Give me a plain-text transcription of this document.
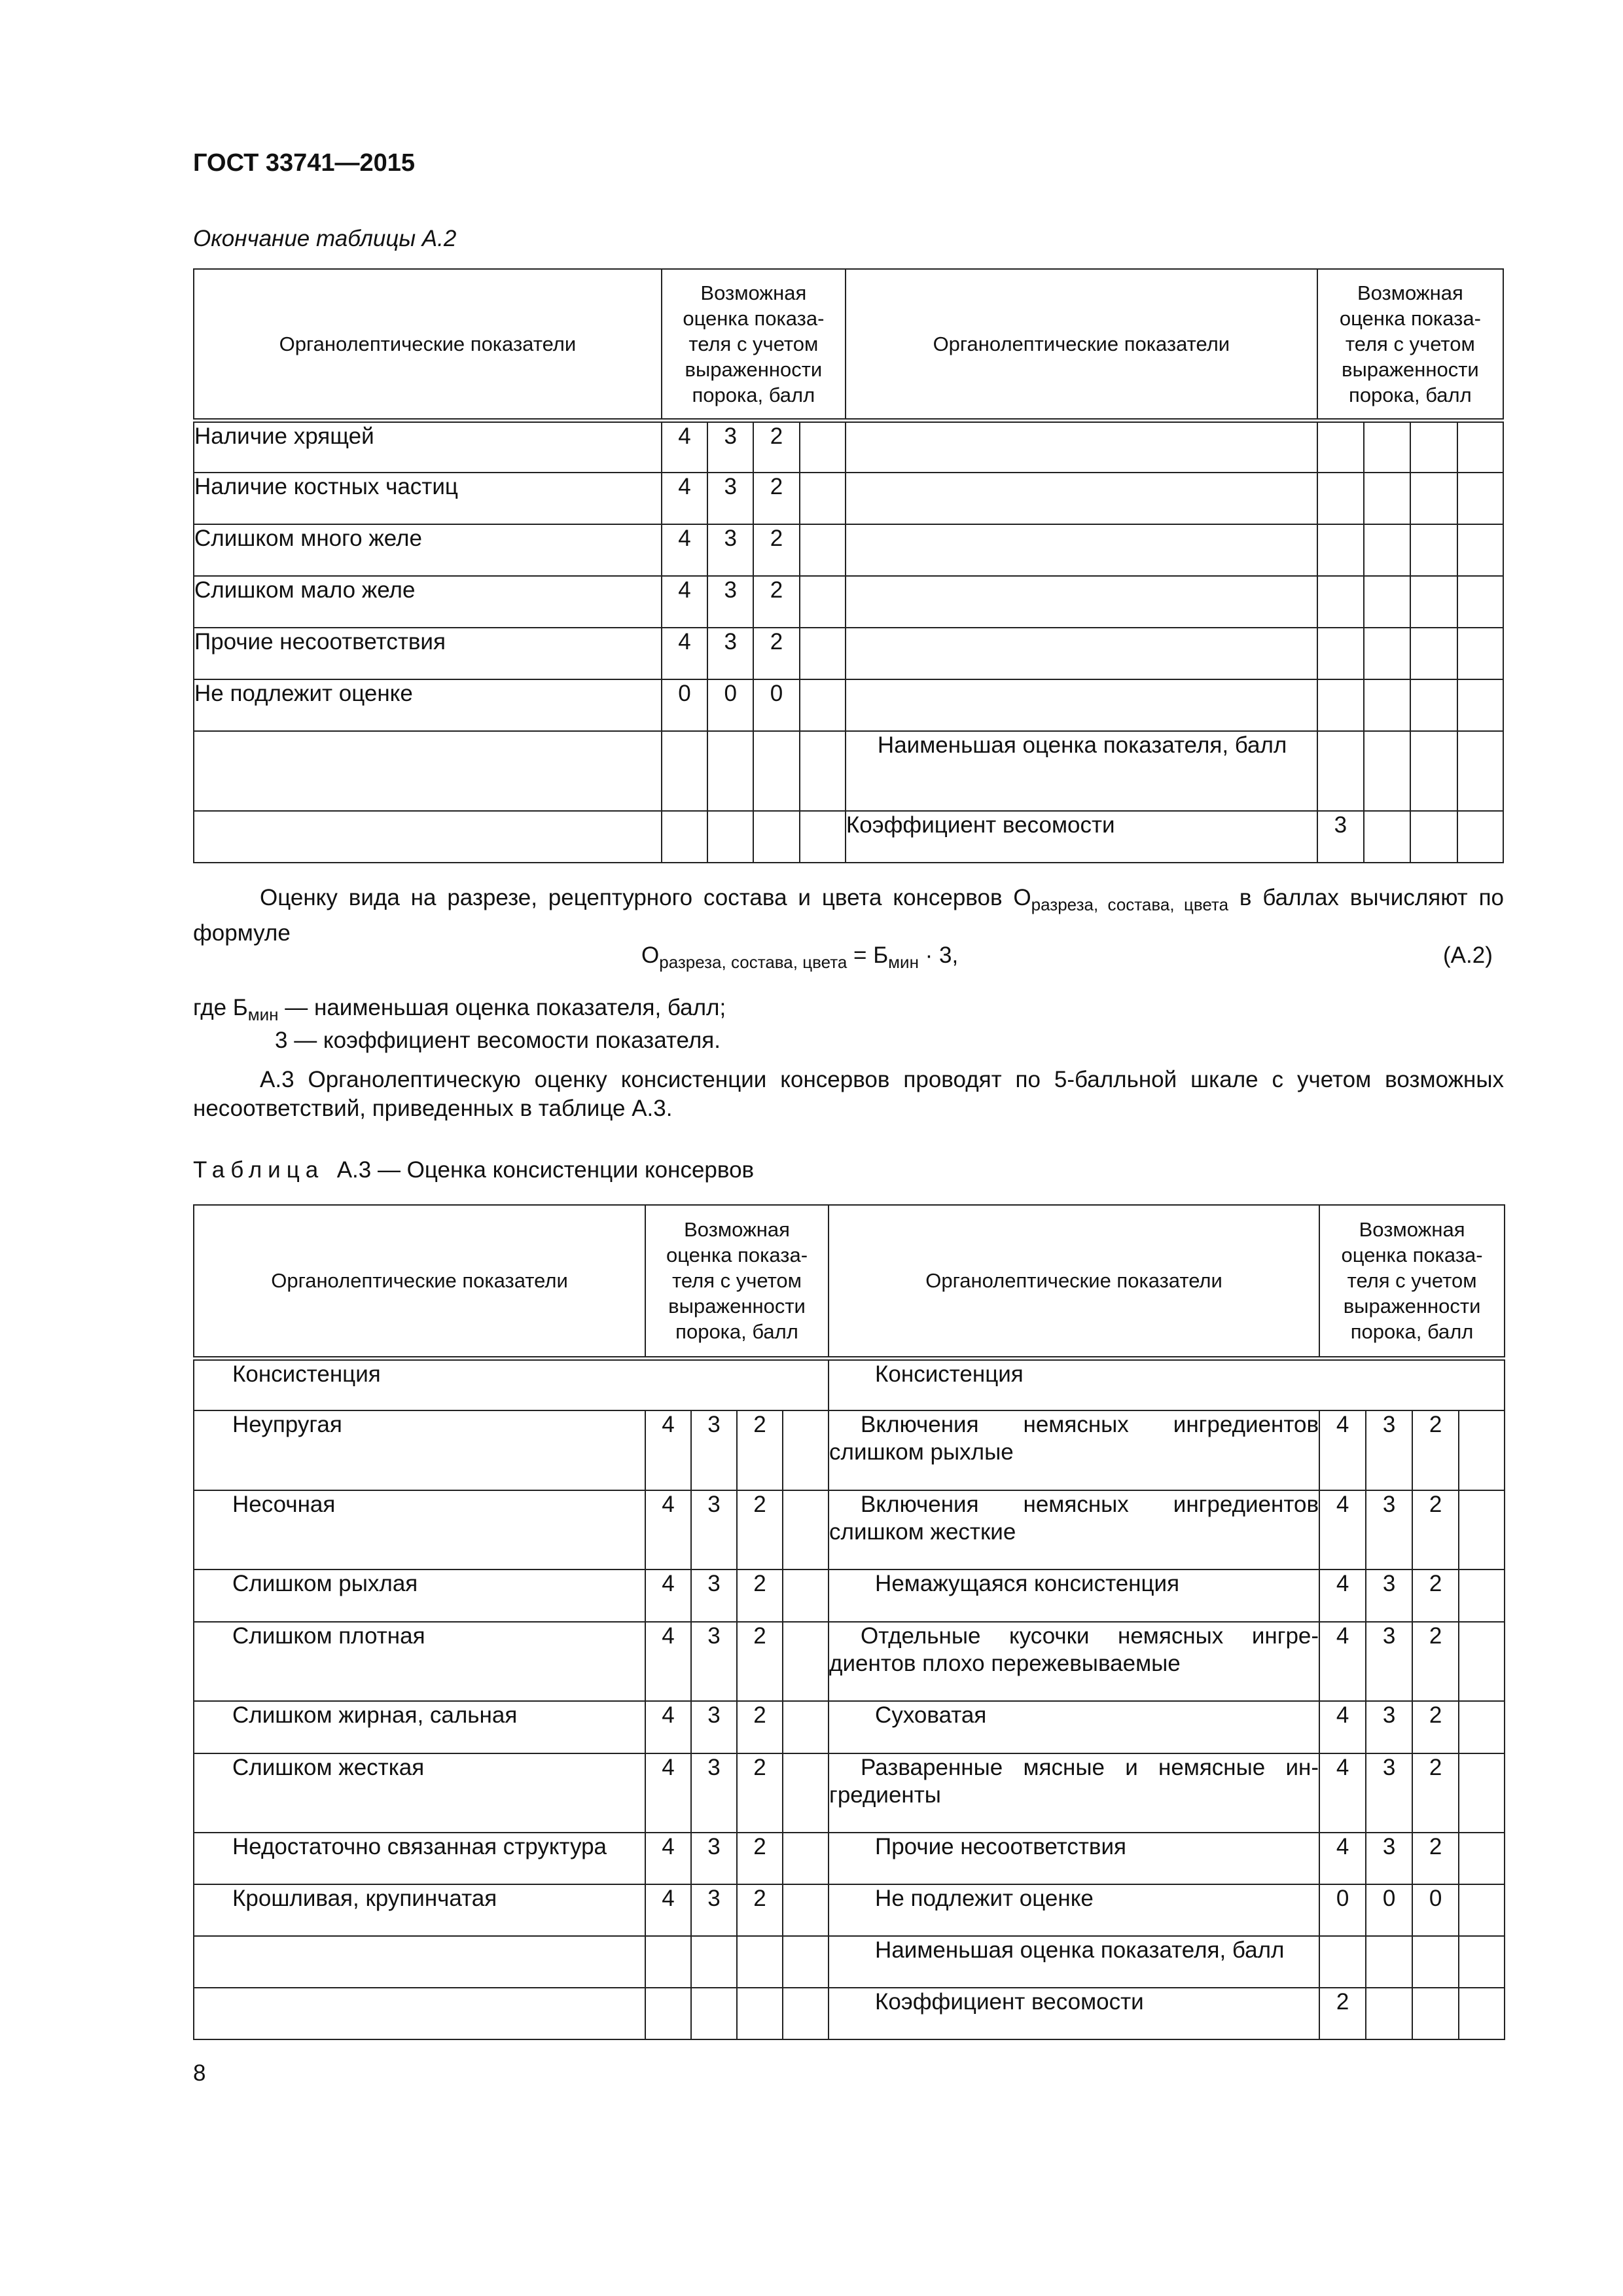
ГОСТ 33741—2015
Окончание таблицы А.2
Органолептические показатели	Возможная
оценка показа-
теля с учетом
выраженности
порока, балл				Органолептические показатели	Возможная
оценка показа-
теля с учетом
выраженности
порока, балл			
Наличие хрящей	4	3	2						
Наличие костных частиц	4	3	2						
Слишком много желе	4	3	2						
Слишком мало желе	4	3	2						
Прочие несоответствия	4	3	2						
Не подлежит оценке	0	0	0						
					Наименьшая оценка показателя, балл				
					Коэффициент весомости	3			
Оценку вида на разрезе, рецептурного состава и цвета консервов $О_{разреза, состава, цвета}$ в баллах вычисляют по формуле
$О_{разреза, состава, цвета} = Б_{мин} \cdot 3$,	(А.2)
где $Б_{мин}$ — наименьшая оценка показателя, балл;
3 — коэффициент весомости показателя.
А.3 Органолептическую оценку консистенции консервов проводят по 5-балльной шкале с учетом возможных несоответствий, приведенных в таблице А.3.
Таблица А.3 — Оценка консистенции консервов
Органолептические показатели	Возможная
оценка показа-
теля с учетом
выраженности
порока, балл				Органолептические показатели	Возможная
оценка показа-
теля с учетом
выраженности
порока, балл			
Консистенция					Консистенция				
Неупругая	4	3	2		Включения немясных ингредиентов слишком рыхлые	4	3	2	
Несочная	4	3	2		Включения немясных ингредиентов слишком жесткие	4	3	2	
Слишком рыхлая	4	3	2		Немажущаяся консистенция	4	3	2	
Слишком плотная	4	3	2		Отдельные кусочки немясных ингре-диентов плохо пережевываемые	4	3	2	
Слишком жирная, сальная	4	3	2		Суховатая	4	3	2	
Слишком жесткая	4	3	2		Разваренные мясные и немясные ин-гредиенты	4	3	2	
Недостаточно связанная структура	4	3	2		Прочие несоответствия	4	3	2	
Крошливая, крупинчатая	4	3	2		Не подлежит оценке	0	0	0	
					Наименьшая оценка показателя, балл				
					Коэффициент весомости	2			
8
